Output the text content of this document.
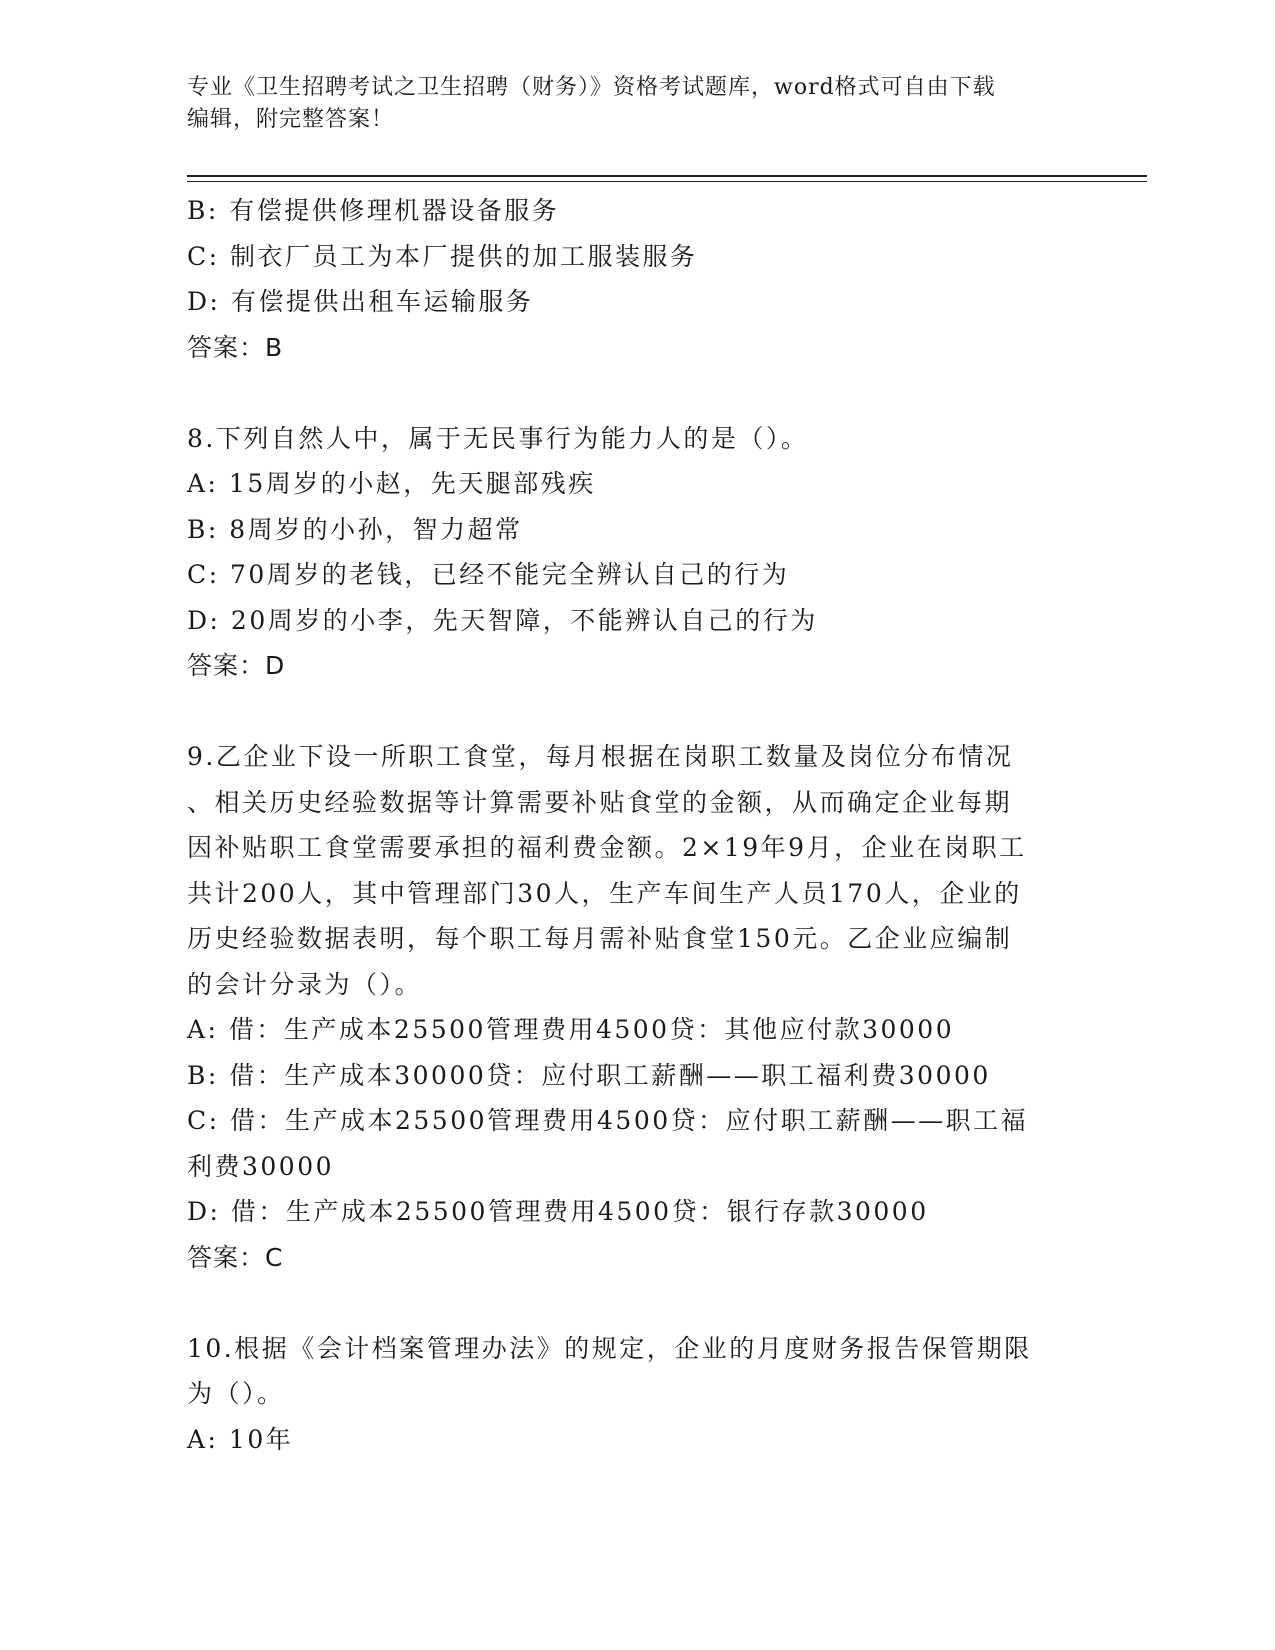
专业《卫生招聘考试之卫生招聘（财务）》资格考试题库，word格式可自由下载
编辑，附完整答案！
B: 有偿提供修理机器设备服务
C: 制衣厂员工为本厂提供的加工服装服务
D: 有偿提供出租车运输服务
答案：B
8.下列自然人中，属于无民事行为能力人的是（）。
A: 15周岁的小赵，先天腿部残疾
B: 8周岁的小孙，智力超常
C: 70周岁的老钱，已经不能完全辨认自己的行为
D: 20周岁的小李，先天智障，不能辨认自己的行为
答案：D
9.乙企业下设一所职工食堂，每月根据在岗职工数量及岗位分布情况
、相关历史经验数据等计算需要补贴食堂的金额，从而确定企业每期
因补贴职工食堂需要承担的福利费金额。2×19年9月，企业在岗职工
共计200人，其中管理部门30人，生产车间生产人员170人，企业的
历史经验数据表明，每个职工每月需补贴食堂150元。乙企业应编制
的会计分录为（）。
A: 借：生产成本25500管理费用4500贷：其他应付款30000
B: 借：生产成本30000贷：应付职工薪酬——职工福利费30000
C: 借：生产成本25500管理费用4500贷：应付职工薪酬——职工福
利费30000
D: 借：生产成本25500管理费用4500贷：银行存款30000
答案：C
10.根据《会计档案管理办法》的规定，企业的月度财务报告保管期限
为（）。
A: 10年
